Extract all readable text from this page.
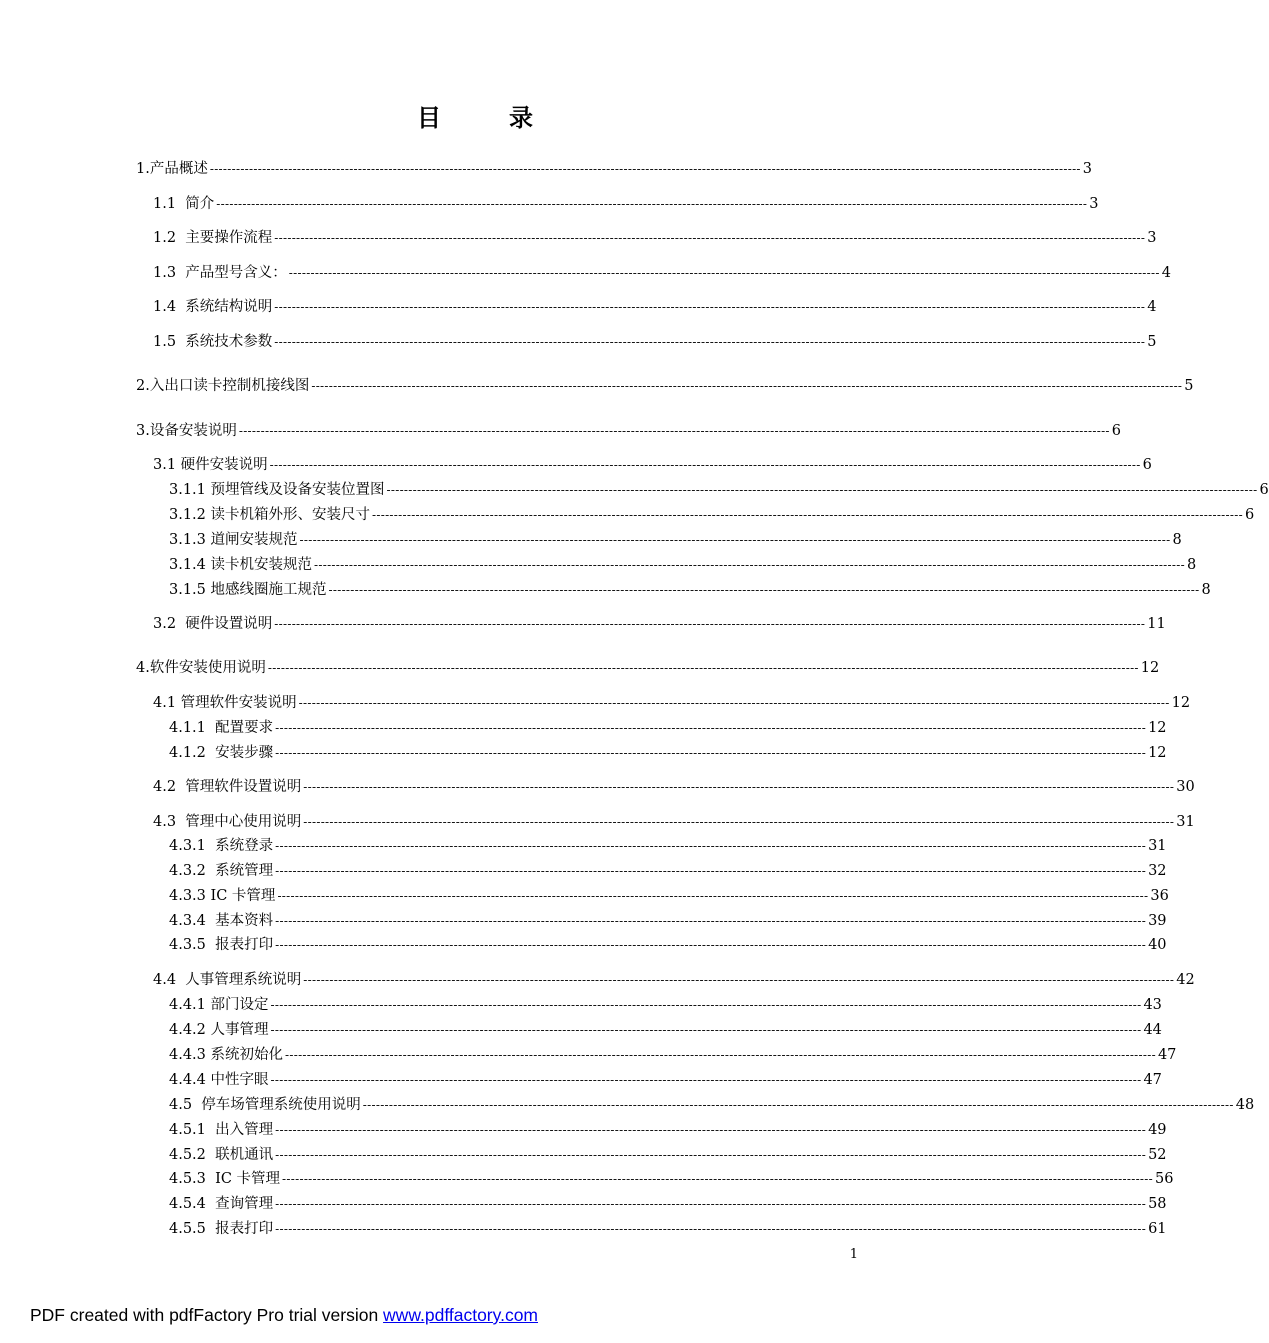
目　录
1.产品概述 -------------------------------------------------------------------------------------------------------------------------------------------------------------------------------------------------------- 3
1.1  简介 -------------------------------------------------------------------------------------------------------------------------------------------------------------------------------------------------------- 3
1.2  主要操作流程 -------------------------------------------------------------------------------------------------------------------------------------------------------------------------------------------------------- 3
1.3  产品型号含义： -------------------------------------------------------------------------------------------------------------------------------------------------------------------------------------------------------- 4
1.4  系统结构说明 -------------------------------------------------------------------------------------------------------------------------------------------------------------------------------------------------------- 4
1.5  系统技术参数 -------------------------------------------------------------------------------------------------------------------------------------------------------------------------------------------------------- 5
2.入出口读卡控制机接线图 -------------------------------------------------------------------------------------------------------------------------------------------------------------------------------------------------------- 5
3.设备安装说明 -------------------------------------------------------------------------------------------------------------------------------------------------------------------------------------------------------- 6
3.1 硬件安装说明 -------------------------------------------------------------------------------------------------------------------------------------------------------------------------------------------------------- 6
3.1.1 预埋管线及设备安装位置图 -------------------------------------------------------------------------------------------------------------------------------------------------------------------------------------------------------- 6
3.1.2 读卡机箱外形、安装尺寸 -------------------------------------------------------------------------------------------------------------------------------------------------------------------------------------------------------- 6
3.1.3 道闸安装规范 -------------------------------------------------------------------------------------------------------------------------------------------------------------------------------------------------------- 8
3.1.4 读卡机安装规范 -------------------------------------------------------------------------------------------------------------------------------------------------------------------------------------------------------- 8
3.1.5 地感线圈施工规范 -------------------------------------------------------------------------------------------------------------------------------------------------------------------------------------------------------- 8
3.2  硬件设置说明 -------------------------------------------------------------------------------------------------------------------------------------------------------------------------------------------------------- 11
4.软件安装使用说明 -------------------------------------------------------------------------------------------------------------------------------------------------------------------------------------------------------- 12
4.1 管理软件安装说明 -------------------------------------------------------------------------------------------------------------------------------------------------------------------------------------------------------- 12
4.1.1  配置要求 -------------------------------------------------------------------------------------------------------------------------------------------------------------------------------------------------------- 12
4.1.2  安装步骤 -------------------------------------------------------------------------------------------------------------------------------------------------------------------------------------------------------- 12
4.2  管理软件设置说明 -------------------------------------------------------------------------------------------------------------------------------------------------------------------------------------------------------- 30
4.3  管理中心使用说明 -------------------------------------------------------------------------------------------------------------------------------------------------------------------------------------------------------- 31
4.3.1  系统登录 -------------------------------------------------------------------------------------------------------------------------------------------------------------------------------------------------------- 31
4.3.2  系统管理 -------------------------------------------------------------------------------------------------------------------------------------------------------------------------------------------------------- 32
4.3.3 IC 卡管理 -------------------------------------------------------------------------------------------------------------------------------------------------------------------------------------------------------- 36
4.3.4  基本资料 -------------------------------------------------------------------------------------------------------------------------------------------------------------------------------------------------------- 39
4.3.5  报表打印 -------------------------------------------------------------------------------------------------------------------------------------------------------------------------------------------------------- 40
4.4  人事管理系统说明 -------------------------------------------------------------------------------------------------------------------------------------------------------------------------------------------------------- 42
4.4.1 部门设定 -------------------------------------------------------------------------------------------------------------------------------------------------------------------------------------------------------- 43
4.4.2 人事管理 -------------------------------------------------------------------------------------------------------------------------------------------------------------------------------------------------------- 44
4.4.3 系统初始化 -------------------------------------------------------------------------------------------------------------------------------------------------------------------------------------------------------- 47
4.4.4 中性字眼 -------------------------------------------------------------------------------------------------------------------------------------------------------------------------------------------------------- 47
4.5  停车场管理系统使用说明 -------------------------------------------------------------------------------------------------------------------------------------------------------------------------------------------------------- 48
4.5.1  出入管理 -------------------------------------------------------------------------------------------------------------------------------------------------------------------------------------------------------- 49
4.5.2  联机通讯 -------------------------------------------------------------------------------------------------------------------------------------------------------------------------------------------------------- 52
4.5.3  IC 卡管理 -------------------------------------------------------------------------------------------------------------------------------------------------------------------------------------------------------- 56
4.5.4  查询管理 -------------------------------------------------------------------------------------------------------------------------------------------------------------------------------------------------------- 58
4.5.5  报表打印 -------------------------------------------------------------------------------------------------------------------------------------------------------------------------------------------------------- 61
1
PDF created with pdfFactory Pro trial version www.pdffactory.com
